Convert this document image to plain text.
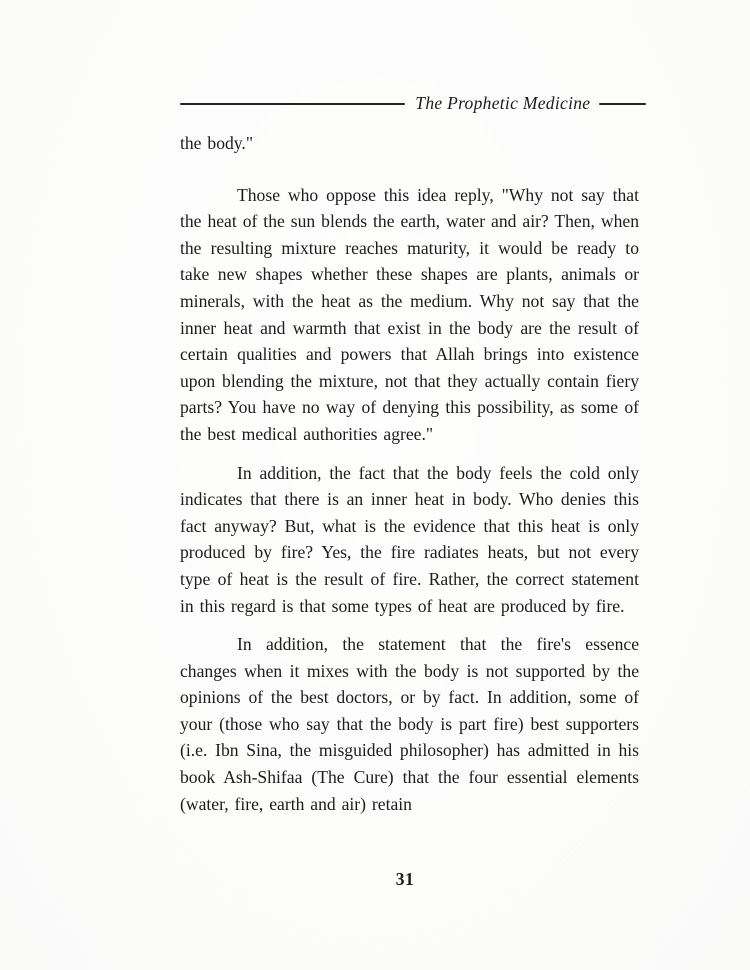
The Prophetic Medicine

the body."

Those who oppose this idea reply, "Why not say that the heat of the sun blends the earth, water and air? Then, when the resulting mixture reaches maturity, it would be ready to take new shapes whether these shapes are plants, animals or minerals, with the heat as the medium. Why not say that the inner heat and warmth that exist in the body are the result of certain qualities and powers that Allah brings into existence upon blending the mixture, not that they actually contain fiery parts? You have no way of denying this possibility, as some of the best medical authorities agree."

In addition, the fact that the body feels the cold only indicates that there is an inner heat in body. Who denies this fact anyway? But, what is the evidence that this heat is only produced by fire? Yes, the fire radiates heats, but not every type of heat is the result of fire. Rather, the correct statement in this regard is that some types of heat are produced by fire.

In addition, the statement that the fire's essence changes when it mixes with the body is not supported by the opinions of the best doctors, or by fact. In addition, some of your (those who say that the body is part fire) best supporters (i.e. Ibn Sina, the misguided philosopher) has admitted in his book Ash-Shifaa (The Cure) that the four essential elements (water, fire, earth and air) retain

31
